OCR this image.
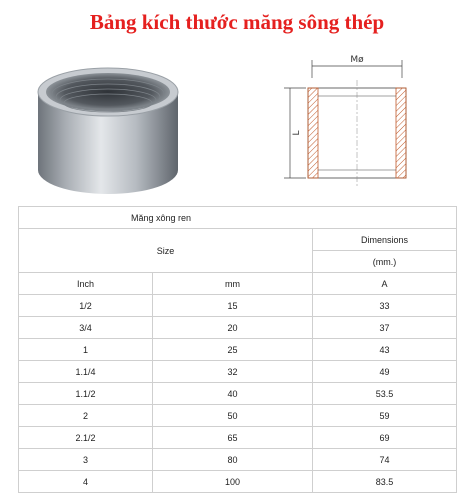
Bảng kích thước măng sông thép
Mø
L
Măng xông ren		
Size		Dimensions
		(mm.)
Inch	mm	A
1/2	15	33
3/4	20	37
1	25	43
1.1/4	32	49
1.1/2	40	53.5
2	50	59
2.1/2	65	69
3	80	74
4	100	83.5
